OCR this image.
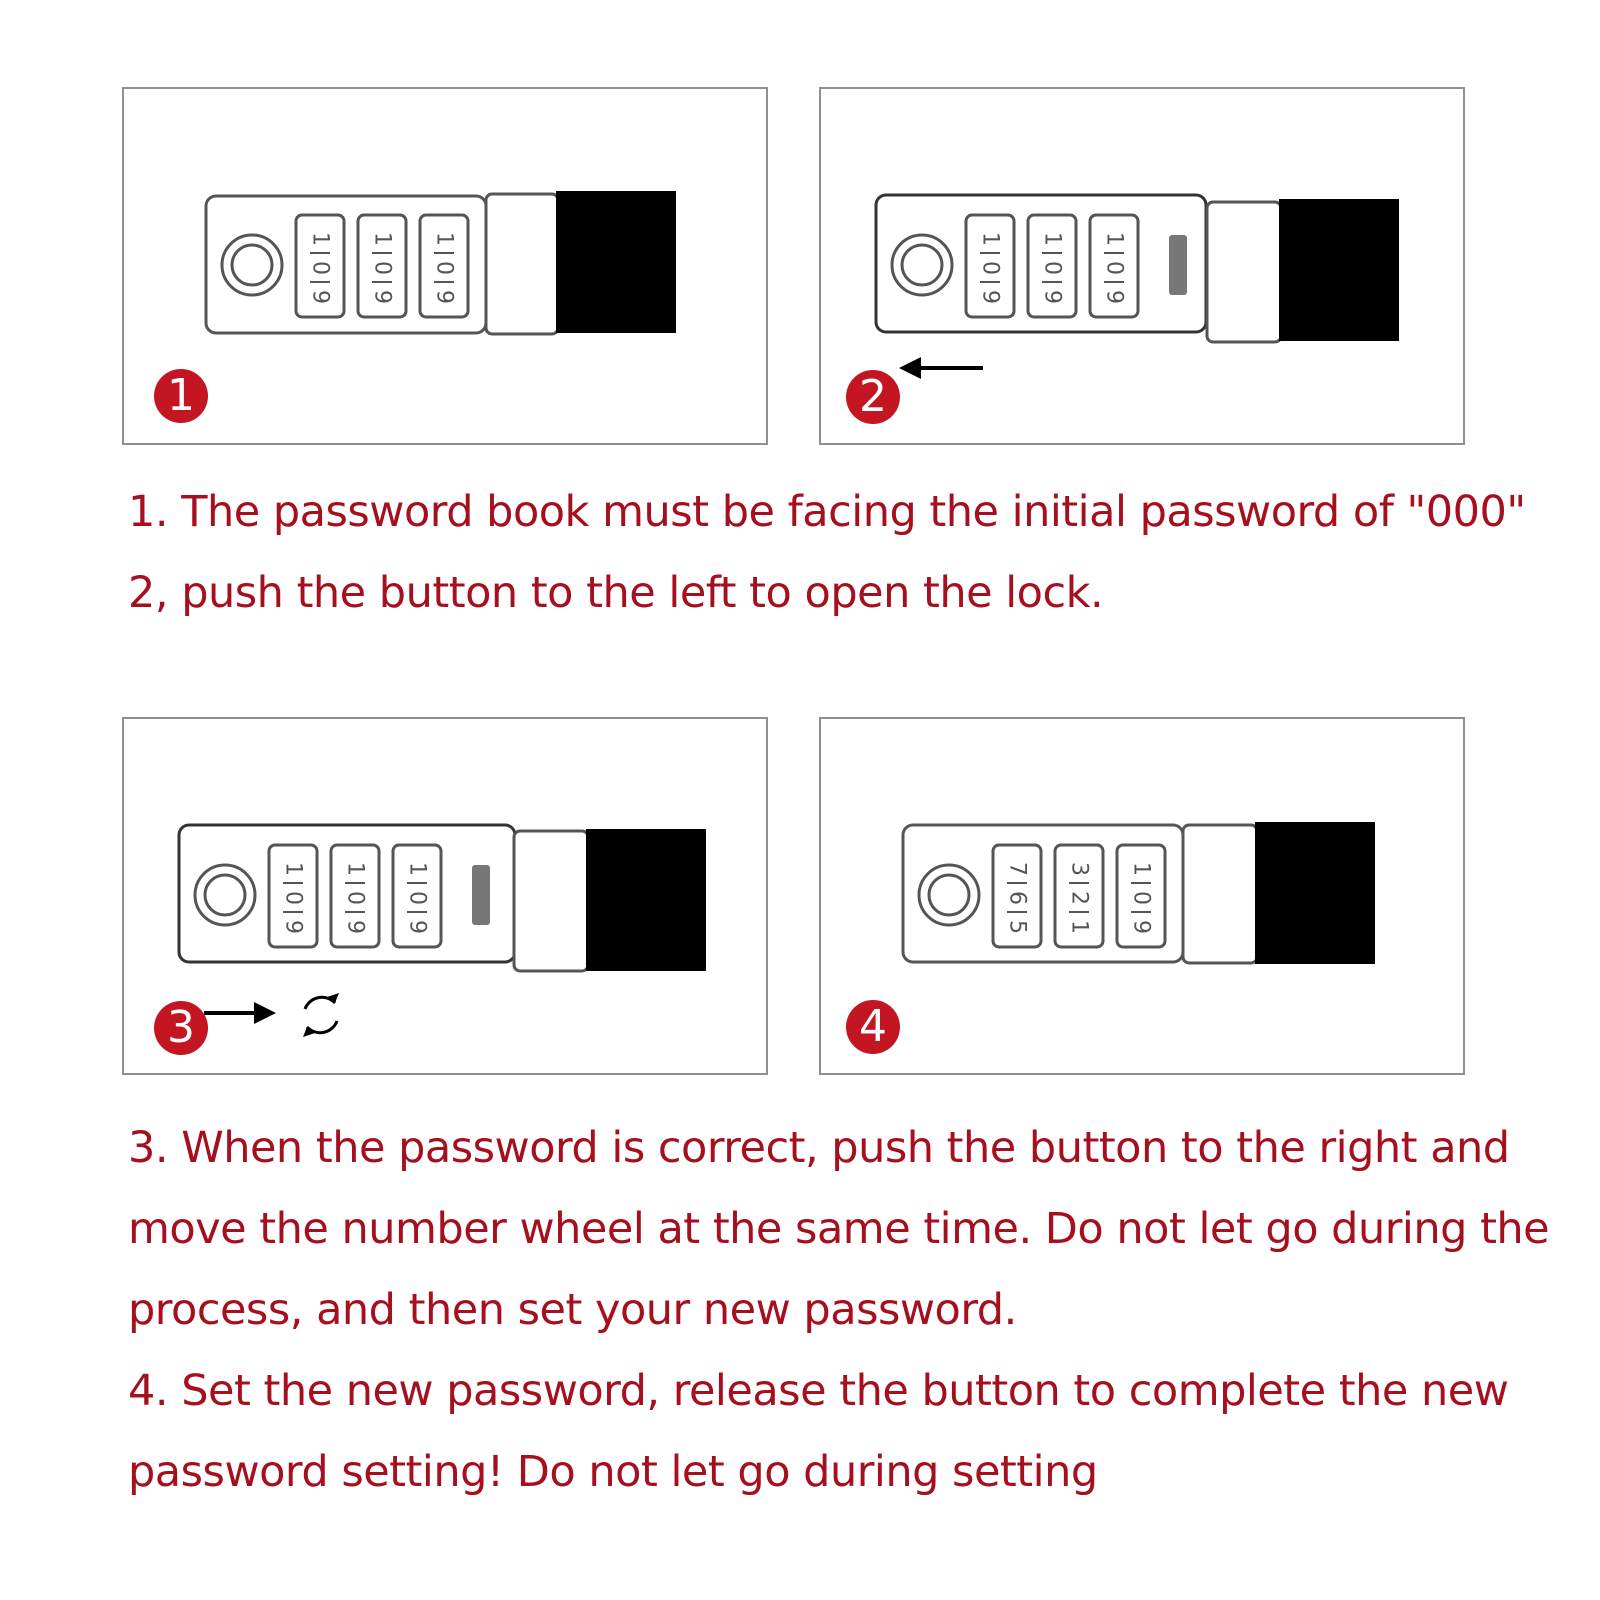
1
0
9
1
0
9
1
0
9
1
1
0
9
1
0
9
1
0
9
2
1. The password book must be facing the initial password of "000"
2, push the button to the left to open the lock.
1
0
9
1
0
9
1
0
9
3
7
6
5
3
2
1
1
0
9
4
3. When the password is correct, push the button to the right and
move the number wheel at the same time. Do not let go during the
process, and then set your new password.
4. Set the new password, release the button to complete the new
password setting! Do not let go during setting
